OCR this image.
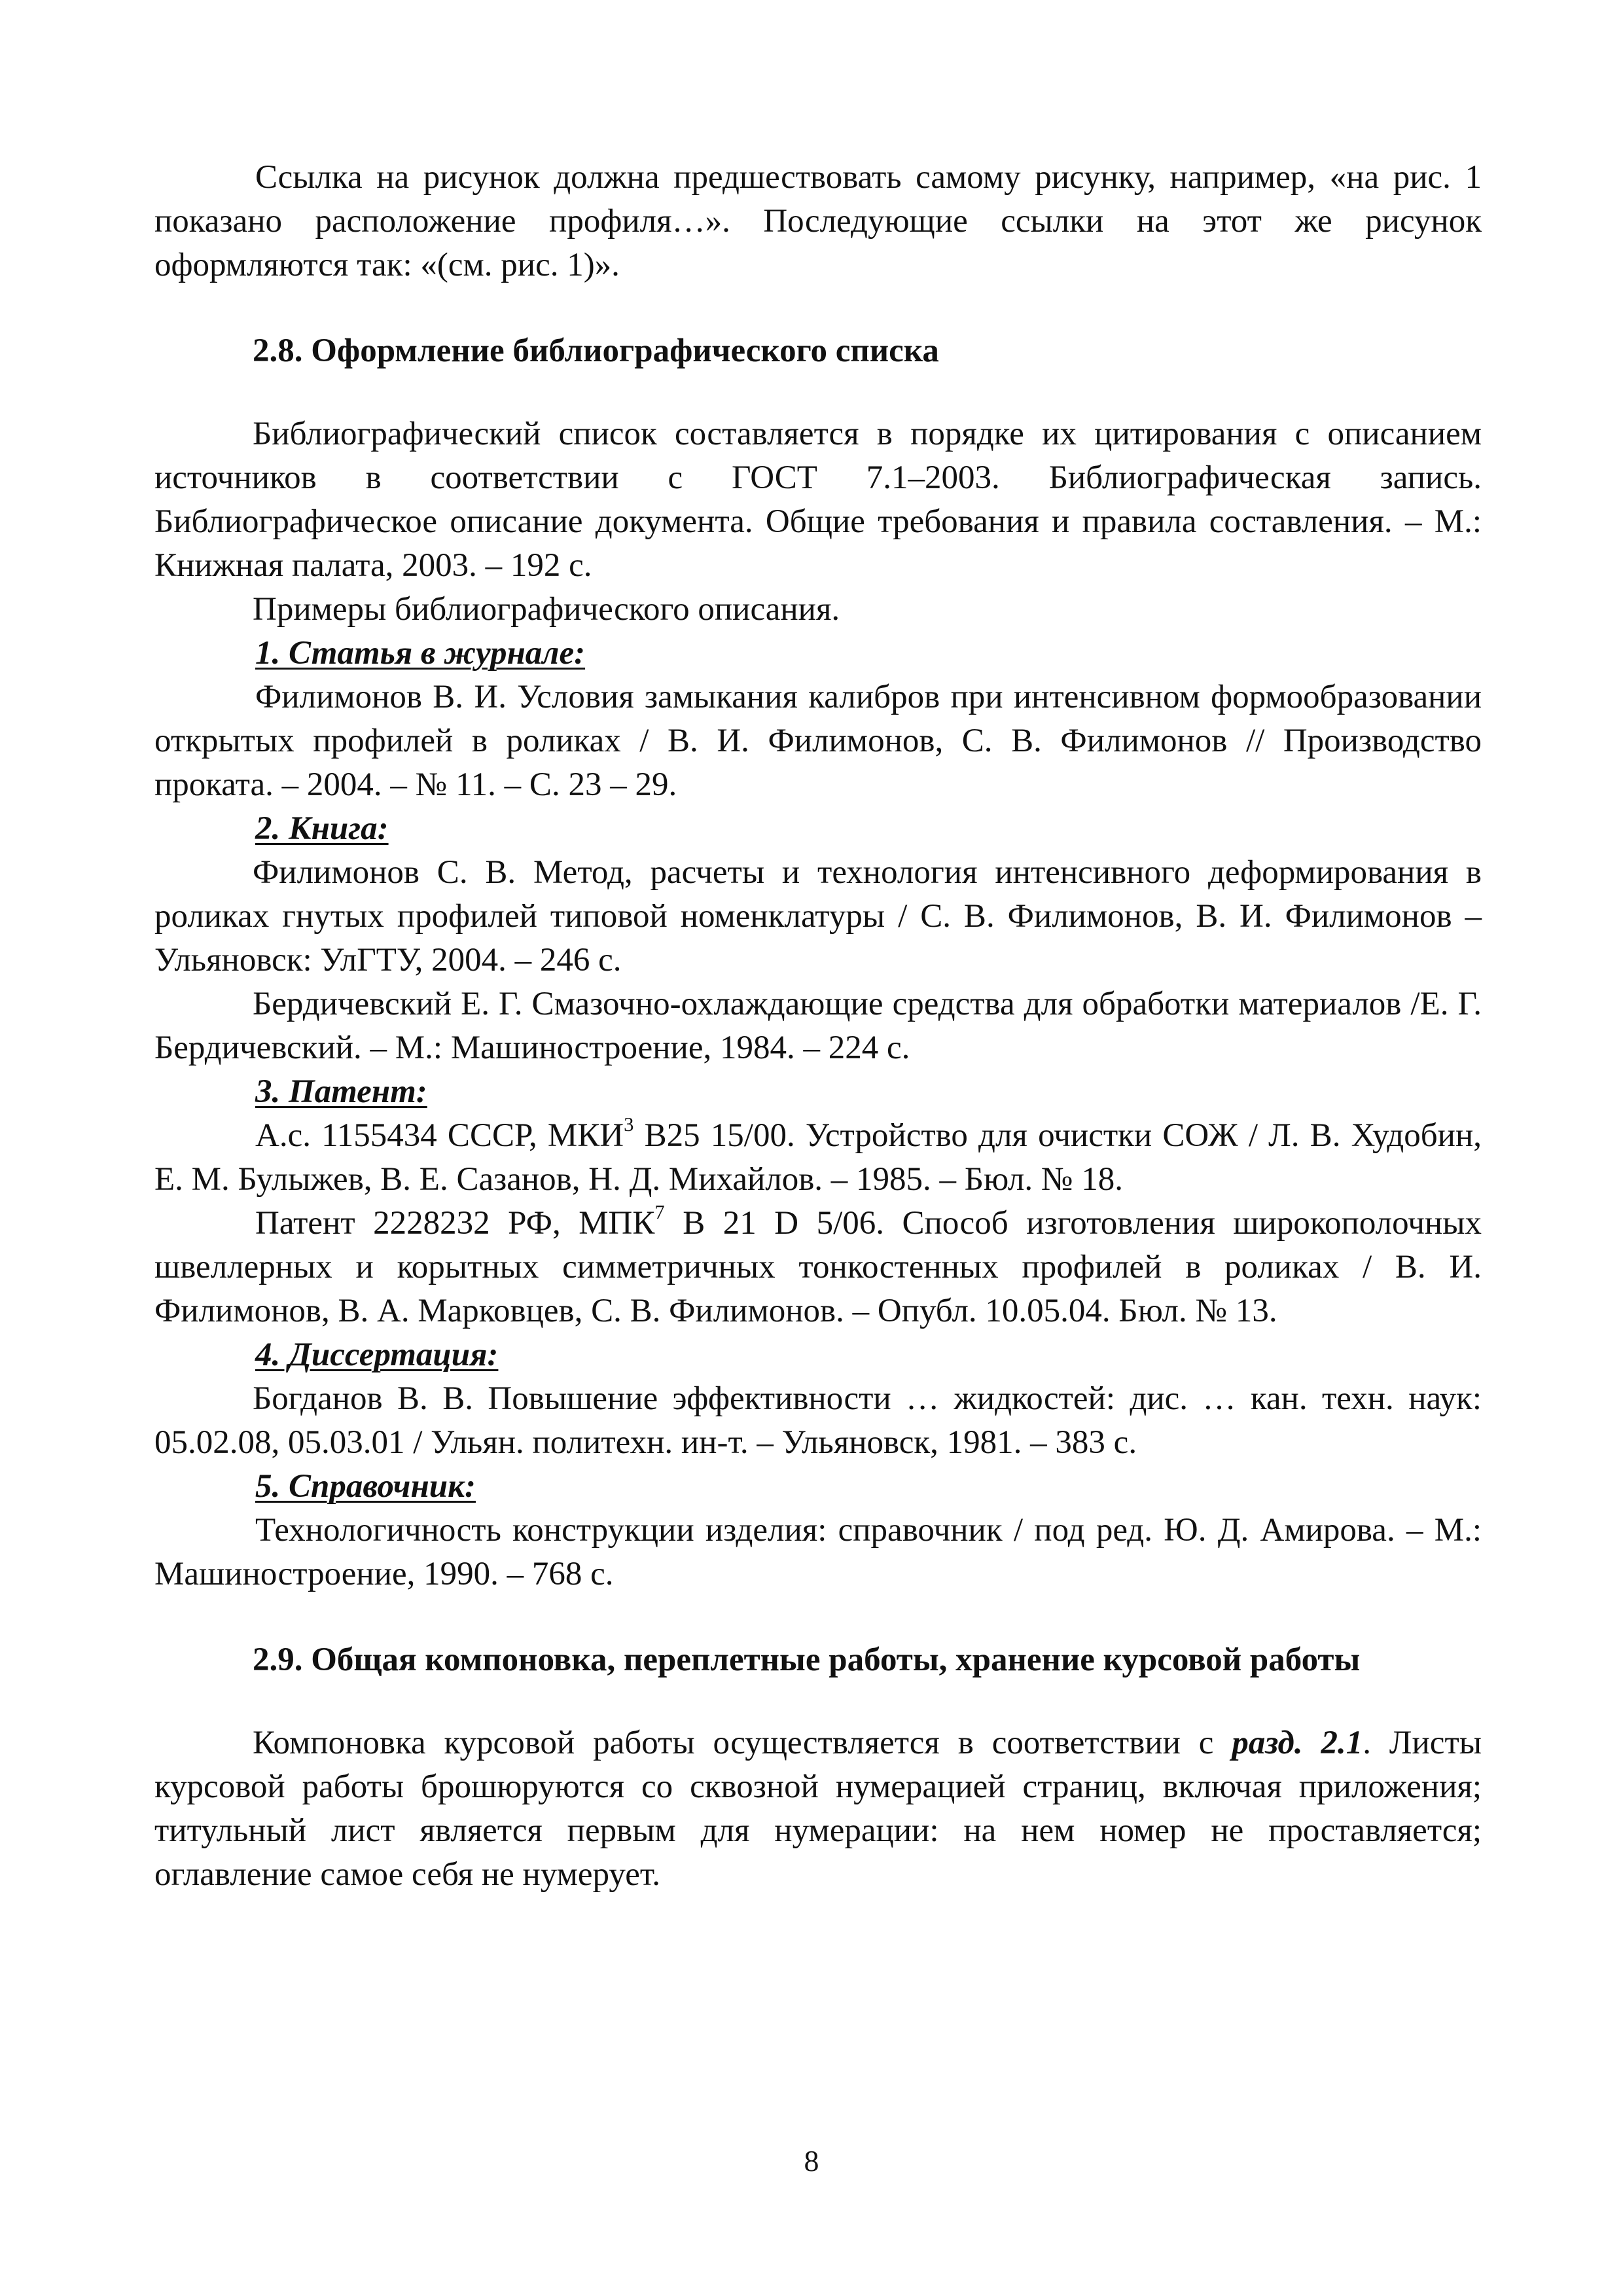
Ссылка на рисунок должна предшествовать самому рисунку, например, «на рис. 1 показано расположение профиля…». Последующие ссылки на этот же рисунок оформляются так: «(см. рис. 1)».

2.8. Оформление библиографического списка

Библиографический список составляется в порядке их цитирования с описанием источников в соответствии с ГОСТ 7.1–2003. Библиографическая запись. Библиографическое описание документа. Общие требования и правила составления. – М.: Книжная палата, 2003. – 192 с.

Примеры библиографического описания.

1. Статья в журнале:

Филимонов В. И. Условия замыкания калибров при интенсивном формообразовании открытых профилей в роликах / В. И. Филимонов, С. В. Филимонов // Производство проката. – 2004. – № 11. – С. 23 – 29.

2. Книга:

Филимонов С. В. Метод, расчеты и технология интенсивного деформирования в роликах гнутых профилей типовой номенклатуры / С. В. Филимонов, В. И. Филимонов – Ульяновск: УлГТУ, 2004. – 246 с.

Бердичевский Е. Г. Смазочно-охлаждающие средства для обработки материалов /Е. Г. Бердичевский. – М.: Машиностроение, 1984. – 224 с.

3. Патент:

А.с. 1155434 СССР, МКИ$^3$ B25 15/00. Устройство для очистки СОЖ / Л. В. Худобин, Е. М. Булыжев, В. Е. Сазанов, Н. Д. Михайлов. – 1985. – Бюл. № 18.

Патент 2228232 РФ, МПК$^7$ B 21 D 5/06. Способ изготовления широкополочных швеллерных и корытных симметричных тонкостенных профилей в роликах / В. И. Филимонов, В. А. Марковцев, С. В. Филимонов. – Опубл. 10.05.04. Бюл. № 13.

4. Диссертация:

Богданов В. В. Повышение эффективности … жидкостей: дис. … кан. техн. наук: 05.02.08, 05.03.01 / Ульян. политехн. ин-т. – Ульяновск, 1981. – 383 с.

5. Справочник:

Технологичность конструкции изделия: справочник / под ред. Ю. Д. Амирова. – М.: Машиностроение, 1990. – 768 с.

2.9. Общая компоновка, переплетные работы, хранение курсовой работы

Компоновка курсовой работы осуществляется в соответствии с разд. 2.1. Листы курсовой работы брошюруются со сквозной нумерацией страниц, включая приложения; титульный лист является первым для нумерации: на нем номер не проставляется; оглавление самое себя не нумерует.

8
